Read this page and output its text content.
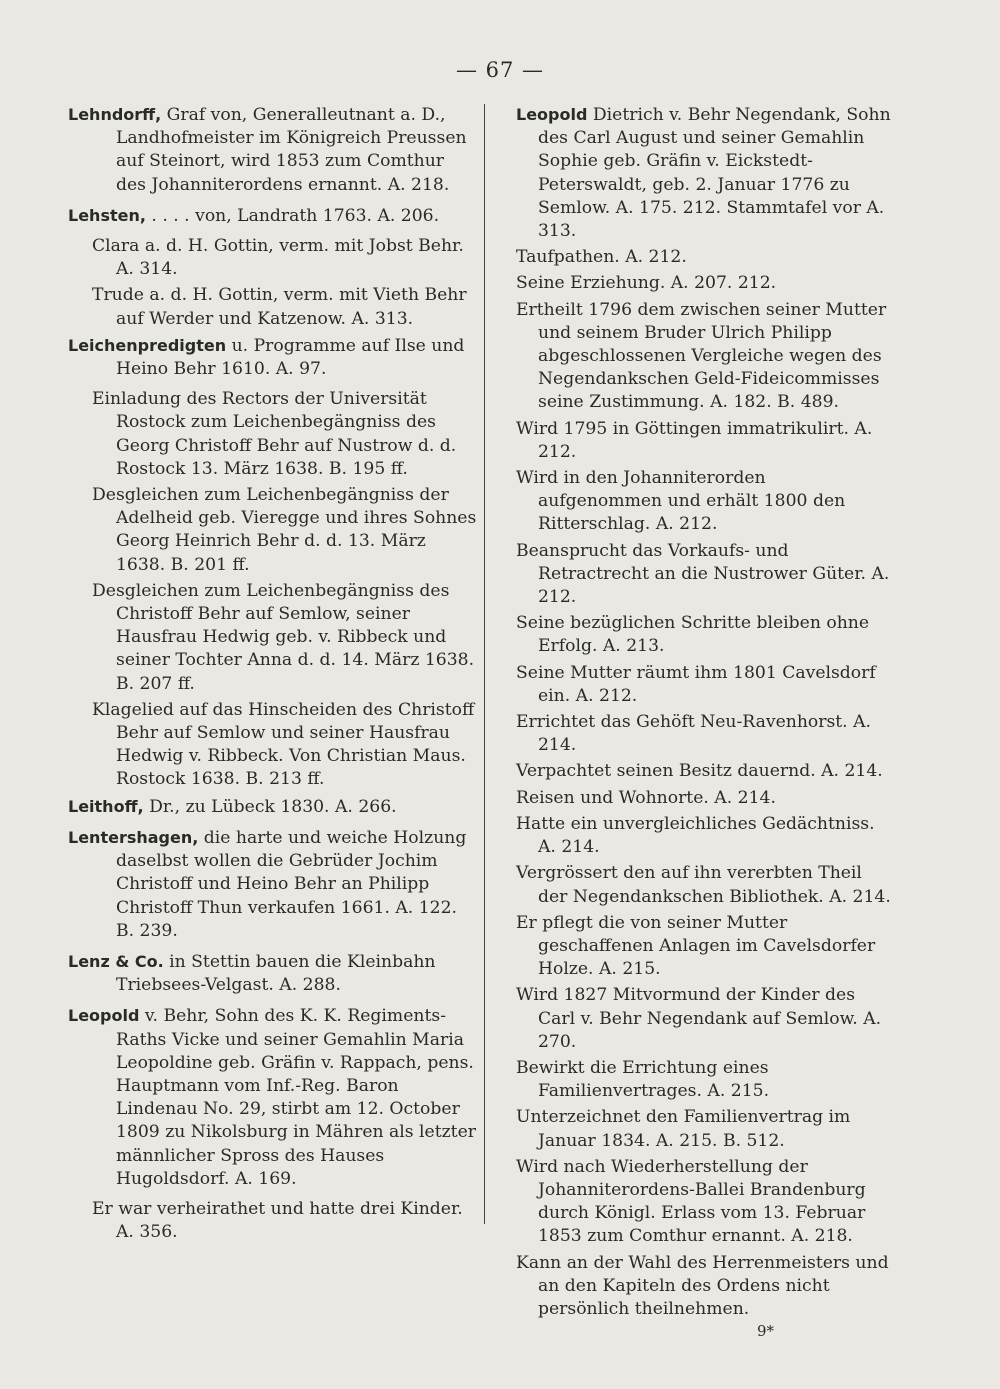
— 67 —
Lehndorff, Graf von, Generalleutnant a. D., Landhofmeister im Königreich Preussen auf Steinort, wird 1853 zum Comthur des Johanniterordens ernannt. A. 218.
Lehsten, . . . . von, Landrath 1763. A. 206.
Clara a. d. H. Gottin, verm. mit Jobst Behr. A. 314.
Trude a. d. H. Gottin, verm. mit Vieth Behr auf Werder und Katzenow. A. 313.
Leichenpredigten u. Programme auf Ilse und Heino Behr 1610. A. 97.
Einladung des Rectors der Universität Rostock zum Leichenbegängniss des Georg Christoff Behr auf Nustrow d. d. Rostock 13. März 1638. B. 195 ff.
Desgleichen zum Leichenbegängniss der Adelheid geb. Vieregge und ihres Sohnes Georg Heinrich Behr d. d. 13. März 1638. B. 201 ff.
Desgleichen zum Leichenbegängniss des Christoff Behr auf Semlow, seiner Hausfrau Hedwig geb. v. Ribbeck und seiner Tochter Anna d. d. 14. März 1638. B. 207 ff.
Klagelied auf das Hinscheiden des Christoff Behr auf Semlow und seiner Hausfrau Hedwig v. Ribbeck. Von Christian Maus. Rostock 1638. B. 213 ff.
Leithoff, Dr., zu Lübeck 1830. A. 266.
Lentershagen, die harte und weiche Holzung daselbst wollen die Gebrüder Jochim Christoff und Heino Behr an Philipp Christoff Thun verkaufen 1661. A. 122. B. 239.
Lenz & Co. in Stettin bauen die Kleinbahn Triebsees-Velgast. A. 288.
Leopold v. Behr, Sohn des K. K. Regiments-Raths Vicke und seiner Gemahlin Maria Leopoldine geb. Gräfin v. Rappach, pens. Hauptmann vom Inf.-Reg. Baron Lindenau No. 29, stirbt am 12. October 1809 zu Nikolsburg in Mähren als letzter männlicher Spross des Hauses Hugoldsdorf. A. 169.
Er war verheirathet und hatte drei Kinder. A. 356.
Leopold Dietrich v. Behr Negendank, Sohn des Carl August und seiner Gemahlin Sophie geb. Gräfin v. Eickstedt-Peterswaldt, geb. 2. Januar 1776 zu Semlow. A. 175. 212. Stammtafel vor A. 313.
Taufpathen. A. 212.
Seine Erziehung. A. 207. 212.
Ertheilt 1796 dem zwischen seiner Mutter und seinem Bruder Ulrich Philipp abgeschlossenen Vergleiche wegen des Negendankschen Geld-Fideicommisses seine Zustimmung. A. 182. B. 489.
Wird 1795 in Göttingen immatrikulirt. A. 212.
Wird in den Johanniterorden aufgenommen und erhält 1800 den Ritterschlag. A. 212.
Beansprucht das Vorkaufs- und Retractrecht an die Nustrower Güter. A. 212.
Seine bezüglichen Schritte bleiben ohne Erfolg. A. 213.
Seine Mutter räumt ihm 1801 Cavelsdorf ein. A. 212.
Errichtet das Gehöft Neu-Ravenhorst. A. 214.
Verpachtet seinen Besitz dauernd. A. 214.
Reisen und Wohnorte. A. 214.
Hatte ein unvergleichliches Gedächtniss. A. 214.
Vergrössert den auf ihn vererbten Theil der Negendankschen Bibliothek. A. 214.
Er pflegt die von seiner Mutter geschaffenen Anlagen im Cavelsdorfer Holze. A. 215.
Wird 1827 Mitvormund der Kinder des Carl v. Behr Negendank auf Semlow. A. 270.
Bewirkt die Errichtung eines Familienvertrages. A. 215.
Unterzeichnet den Familienvertrag im Januar 1834. A. 215. B. 512.
Wird nach Wiederherstellung der Johanniterordens-Ballei Brandenburg durch Königl. Erlass vom 13. Februar 1853 zum Comthur ernannt. A. 218.
Kann an der Wahl des Herrenmeisters und an den Kapiteln des Ordens nicht persönlich theilnehmen.
9*
